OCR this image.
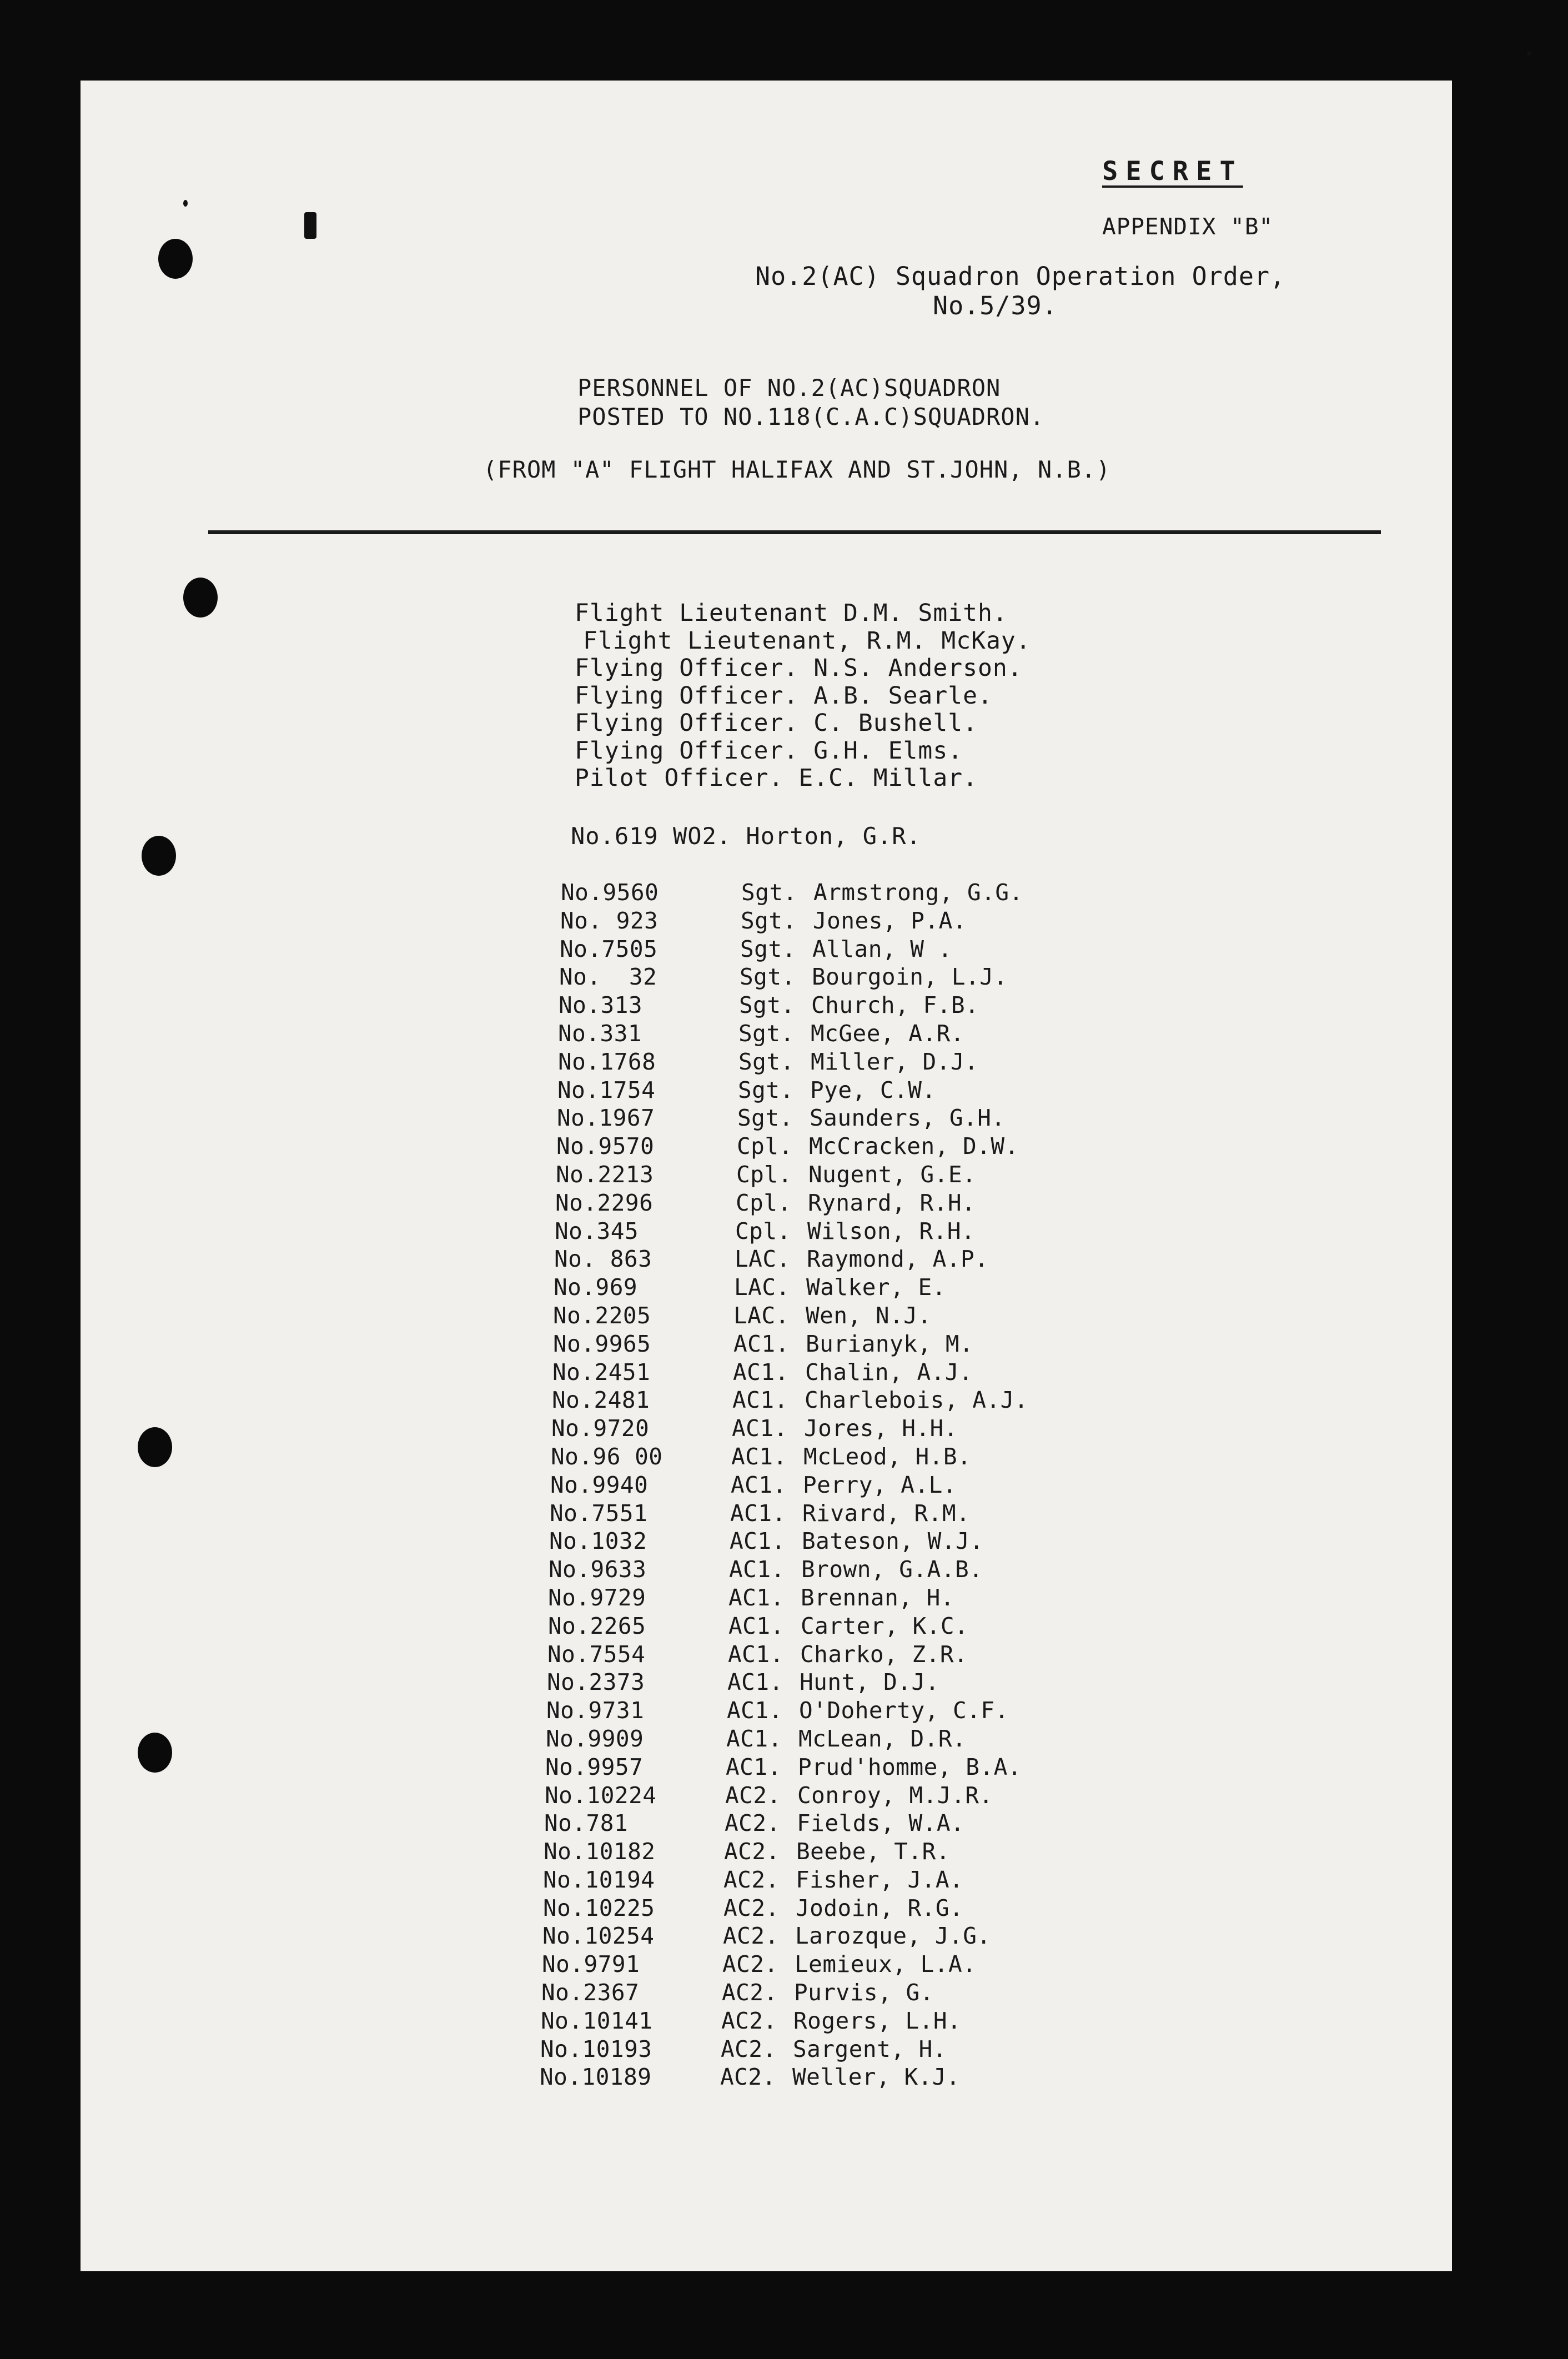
SECRET
APPENDIX "B"
No.2(AC) Squadron Operation Order,
No.5/39.
PERSONNEL OF NO.2(AC)SQUADRON
POSTED TO NO.118(C.A.C)SQUADRON.
(FROM "A" FLIGHT HALIFAX AND ST.JOHN, N.B.)
Flight Lieutenant D.M. Smith.
Flight Lieutenant, R.M. McKay.
Flying Officer. N.S. Anderson.
Flying Officer. A.B. Searle.
Flying Officer. C. Bushell.
Flying Officer. G.H. Elms.
Pilot Officer. E.C. Millar.
No.619 WO2. Horton, G.R.
No.9560	Sgt. Armstrong, G.G.
No. 923	Sgt. Jones, P.A.
No.7505	Sgt. Allan, W .
No.  32	Sgt. Bourgoin, L.J.
No.313	Sgt. Church, F.B.
No.331	Sgt. McGee, A.R.
No.1768	Sgt. Miller, D.J.
No.1754	Sgt. Pye, C.W.
No.1967	Sgt. Saunders, G.H.
No.9570	Cpl. McCracken, D.W.
No.2213	Cpl. Nugent, G.E.
No.2296	Cpl. Rynard, R.H.
No.345	Cpl. Wilson, R.H.
No. 863	LAC. Raymond, A.P.
No.969	LAC. Walker, E.
No.2205	LAC. Wen, N.J.
No.9965	AC1. Burianyk, M.
No.2451	AC1. Chalin, A.J.
No.2481	AC1. Charlebois, A.J.
No.9720	AC1. Jores, H.H.
No.96 00	AC1. McLeod, H.B.
No.9940	AC1. Perry, A.L.
No.7551	AC1. Rivard, R.M.
No.1032	AC1. Bateson, W.J.
No.9633	AC1. Brown, G.A.B.
No.9729	AC1. Brennan, H.
No.2265	AC1. Carter, K.C.
No.7554	AC1. Charko, Z.R.
No.2373	AC1. Hunt, D.J.
No.9731	AC1. O'Doherty, C.F.
No.9909	AC1. McLean, D.R.
No.9957	AC1. Prud'homme, B.A.
No.10224	AC2. Conroy, M.J.R.
No.781	AC2. Fields, W.A.
No.10182	AC2. Beebe, T.R.
No.10194	AC2. Fisher, J.A.
No.10225	AC2. Jodoin, R.G.
No.10254	AC2. Larozque, J.G.
No.9791	AC2. Lemieux, L.A.
No.2367	AC2. Purvis, G.
No.10141	AC2. Rogers, L.H.
No.10193	AC2. Sargent, H.
No.10189	AC2. Weller, K.J.
